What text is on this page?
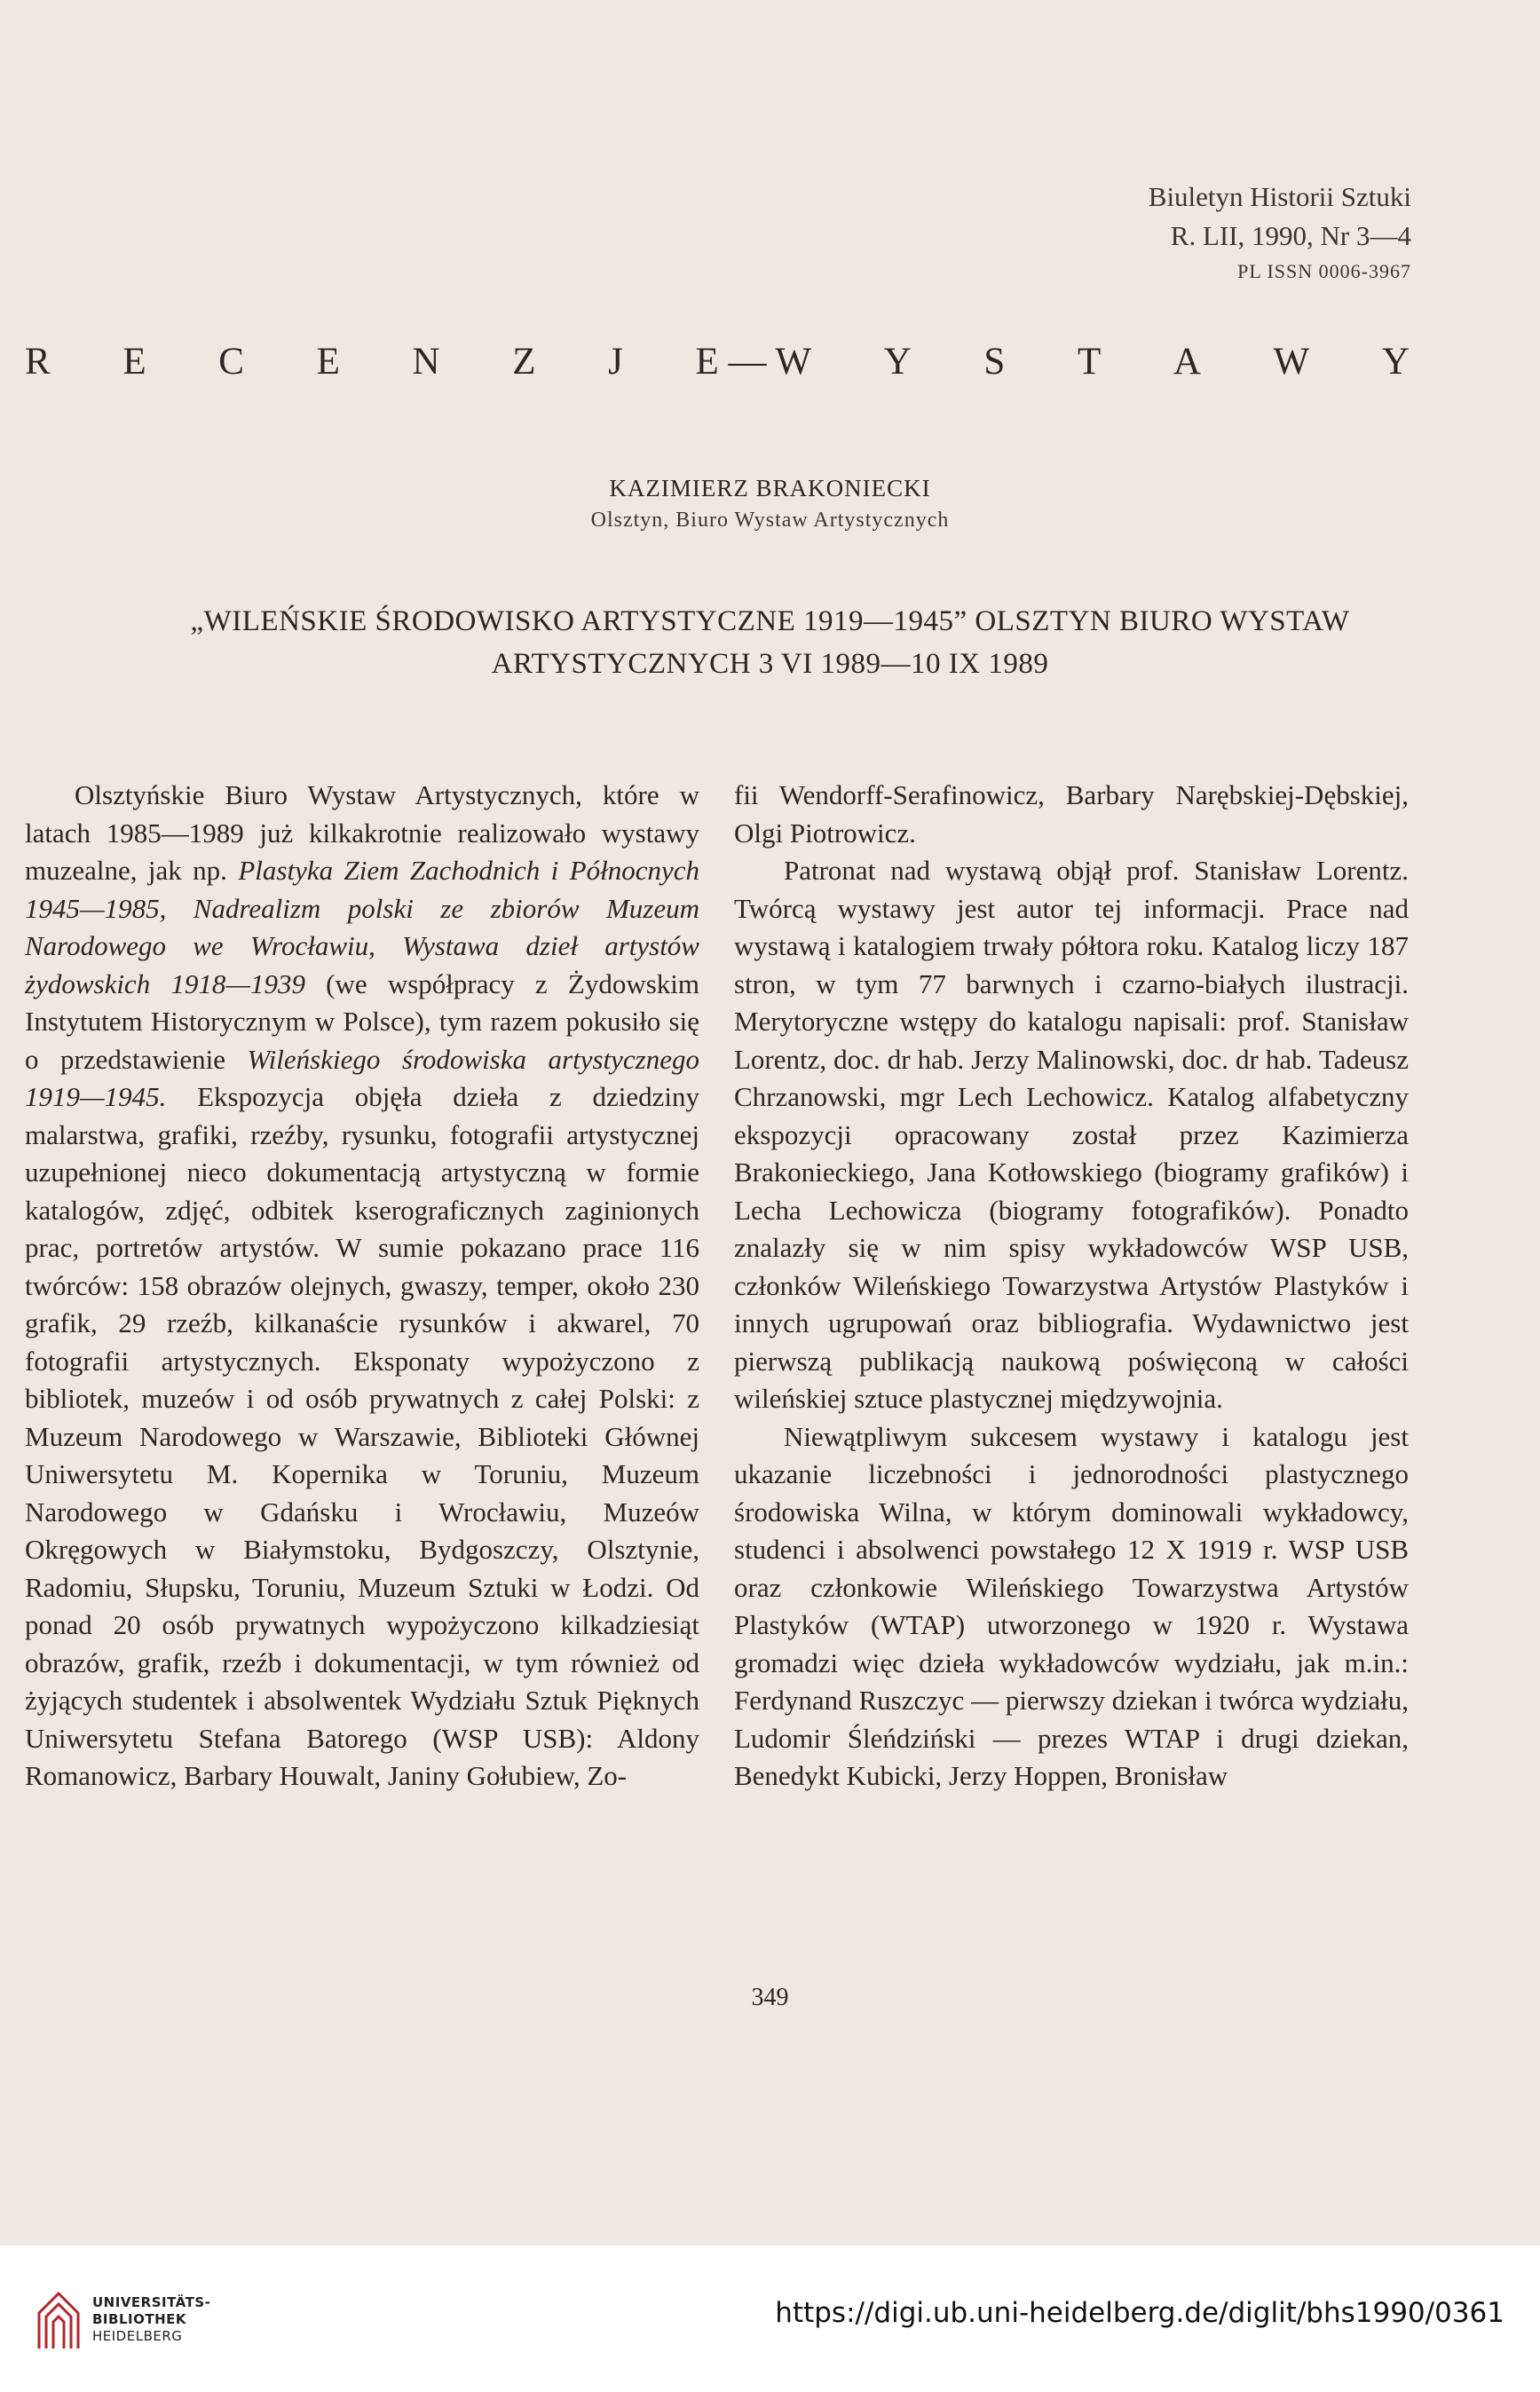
Biuletyn Historii Sztuki
R. LII, 1990, Nr 3—4
PL ISSN 0006-3967
R E C E N Z J E — W Y S T A W Y
KAZIMIERZ BRAKONIECKI
Olsztyn, Biuro Wystaw Artystycznych
„WILEŃSKIE ŚRODOWISKO ARTYSTYCZNE 1919—1945” OLSZTYN BIURO WYSTAW
ARTYSTYCZNYCH 3 VI 1989—10 IX 1989

Olsztyńskie Biuro Wystaw Artystycznych, które w latach 1985—1989 już kilkakrotnie realizowało wystawy muzealne, jak np. Plastyka Ziem Zachodnich i Północnych 1945—1985, Nadrealizm polski ze zbiorów Muzeum Narodowego we Wrocławiu, Wystawa dzieł artystów żydowskich 1918—1939 (we współpracy z Żydowskim Instytutem Historycznym w Polsce), tym razem pokusiło się o przedstawienie Wileńskiego środowiska artystycznego 1919—1945. Ekspozycja objęła dzieła z dziedziny malarstwa, grafiki, rzeźby, rysunku, fotografii artystycznej uzupełnionej nieco dokumentacją artystyczną w formie katalogów, zdjęć, odbitek kserograficznych zaginionych prac, portretów artystów. W sumie pokazano prace 116 twórców: 158 obrazów olejnych, gwaszy, temper, około 230 grafik, 29 rzeźb, kilkanaście rysunków i akwarel, 70 fotografii artystycznych. Eksponaty wypożyczono z bibliotek, muzeów i od osób prywatnych z całej Polski: z Muzeum Narodowego w Warszawie, Biblioteki Głównej Uniwersytetu M. Kopernika w Toruniu, Muzeum Narodowego w Gdańsku i Wrocławiu, Muzeów Okręgowych w Białymstoku, Bydgoszczy, Olsztynie, Radomiu, Słupsku, Toruniu, Muzeum Sztuki w Łodzi. Od ponad 20 osób prywatnych wypożyczono kilkadziesiąt obrazów, grafik, rzeźb i dokumentacji, w tym również od żyjących studentek i absolwentek Wydziału Sztuk Pięknych Uniwersytetu Stefana Batorego (WSP USB): Aldony Romanowicz, Barbary Houwalt, Janiny Gołubiew, Zo-

fii Wendorff-Serafinowicz, Barbary Narębskiej-Dębskiej, Olgi Piotrowicz.

Patronat nad wystawą objął prof. Stanisław Lorentz. Twórcą wystawy jest autor tej informacji. Prace nad wystawą i katalogiem trwały półtora roku. Katalog liczy 187 stron, w tym 77 barwnych i czarno-białych ilustracji. Merytoryczne wstępy do katalogu napisali: prof. Stanisław Lorentz, doc. dr hab. Jerzy Malinowski, doc. dr hab. Tadeusz Chrzanowski, mgr Lech Lechowicz. Katalog alfabetyczny ekspozycji opracowany został przez Kazimierza Brakonieckiego, Jana Kotłowskiego (biogramy grafików) i Lecha Lechowicza (biogramy fotografików). Ponadto znalazły się w nim spisy wykładowców WSP USB, członków Wileńskiego Towarzystwa Artystów Plastyków i innych ugrupowań oraz bibliografia. Wydawnictwo jest pierwszą publikacją naukową poświęconą w całości wileńskiej sztuce plastycznej międzywojnia.

Niewątpliwym sukcesem wystawy i katalogu jest ukazanie liczebności i jednorodności plastycznego środowiska Wilna, w którym dominowali wykładowcy, studenci i absolwenci powstałego 12 X 1919 r. WSP USB oraz członkowie Wileńskiego Towarzystwa Artystów Plastyków (WTAP) utworzonego w 1920 r. Wystawa gromadzi więc dzieła wykładowców wydziału, jak m.in.: Ferdynand Ruszczyc — pierwszy dziekan i twórca wydziału, Ludomir Śleńdziński — prezes WTAP i drugi dziekan, Benedykt Kubicki, Jerzy Hoppen, Bronisław

349
UNIVERSITÄTS-
BIBLIOTHEK
HEIDELBERG
https://digi.ub.uni-heidelberg.de/diglit/bhs1990/0361
